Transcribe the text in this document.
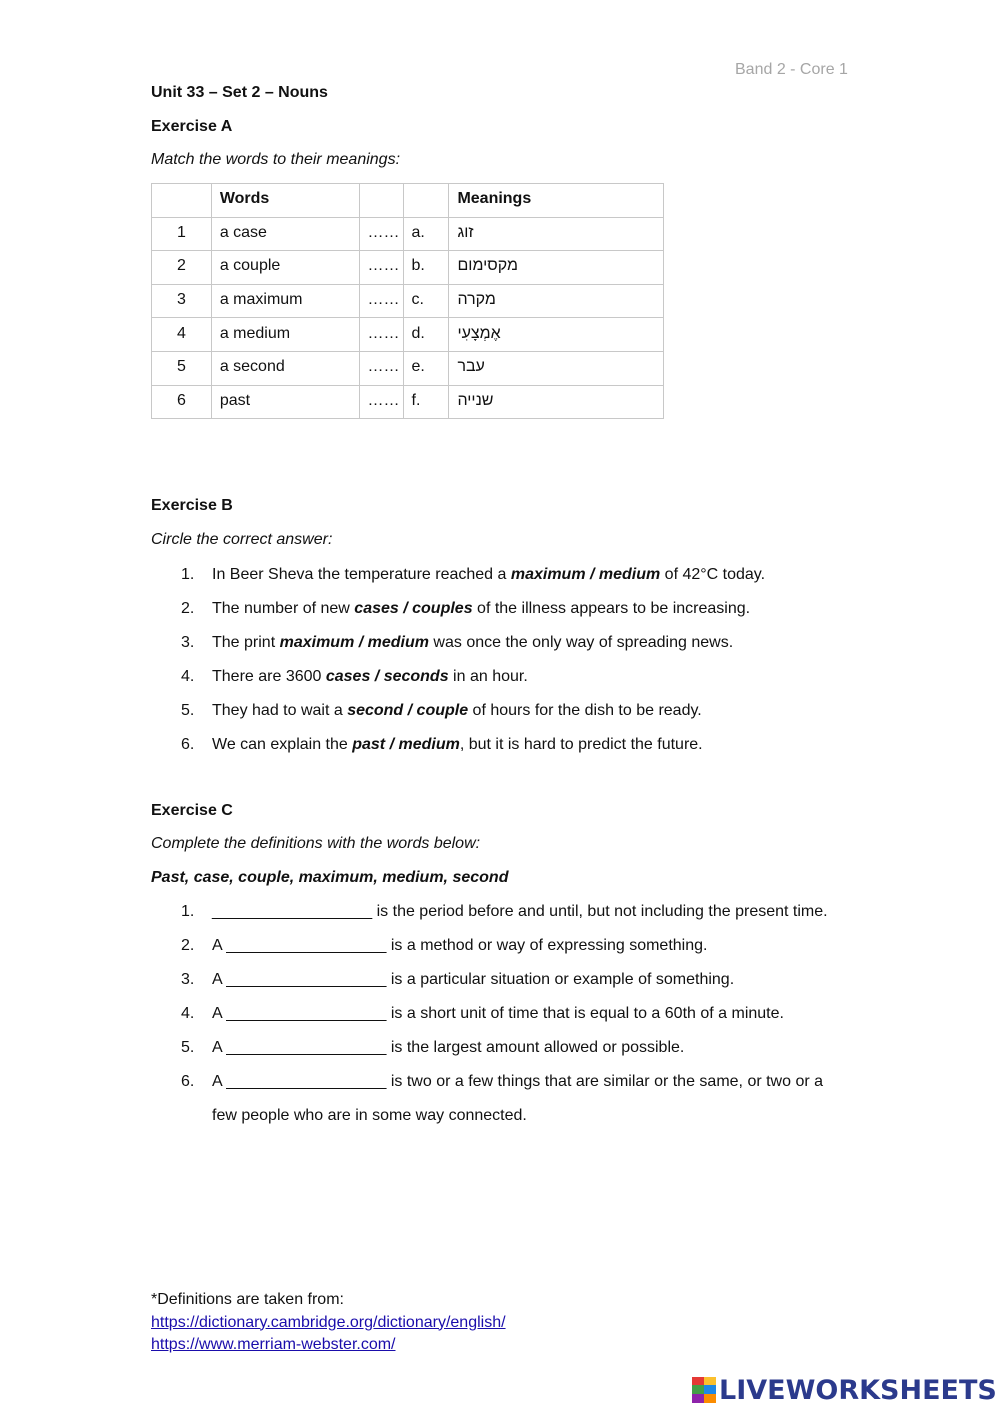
Band 2 - Core 1
Unit 33 – Set 2 – Nouns
Exercise A
Match the words to their meanings:
	Words			Meanings
1	a case	……	a.	זוג
2	a couple	……	b.	מקסימום
3	a maximum	……	c.	מקרה
4	a medium	……	d.	אֶמְצָעִי
5	a second	……	e.	עבר
6	past	……	f.	שנייה
Exercise B
Circle the correct answer:
1. In Beer Sheva the temperature reached a maximum / medium of 42°C today.
2. The number of new cases / couples of the illness appears to be increasing.
3. The print maximum / medium was once the only way of spreading news.
4. There are 3600 cases / seconds in an hour.
5. They had to wait a second / couple of hours for the dish to be ready.
6. We can explain the past / medium, but it is hard to predict the future.
Exercise C
Complete the definitions with the words below:
Past, case, couple, maximum, medium, second
1. __________________ is the period before and until, but not including the present time.
2. A __________________ is a method or way of expressing something.
3. A __________________ is a particular situation or example of something.
4. A __________________ is a short unit of time that is equal to a 60th of a minute.
5. A __________________ is the largest amount allowed or possible.
6. A __________________ is two or a few things that are similar or the same, or two or a few people who are in some way connected.
*Definitions are taken from:
https://dictionary.cambridge.org/dictionary/english/
https://www.merriam-webster.com/
LIVEWORKSHEETS
